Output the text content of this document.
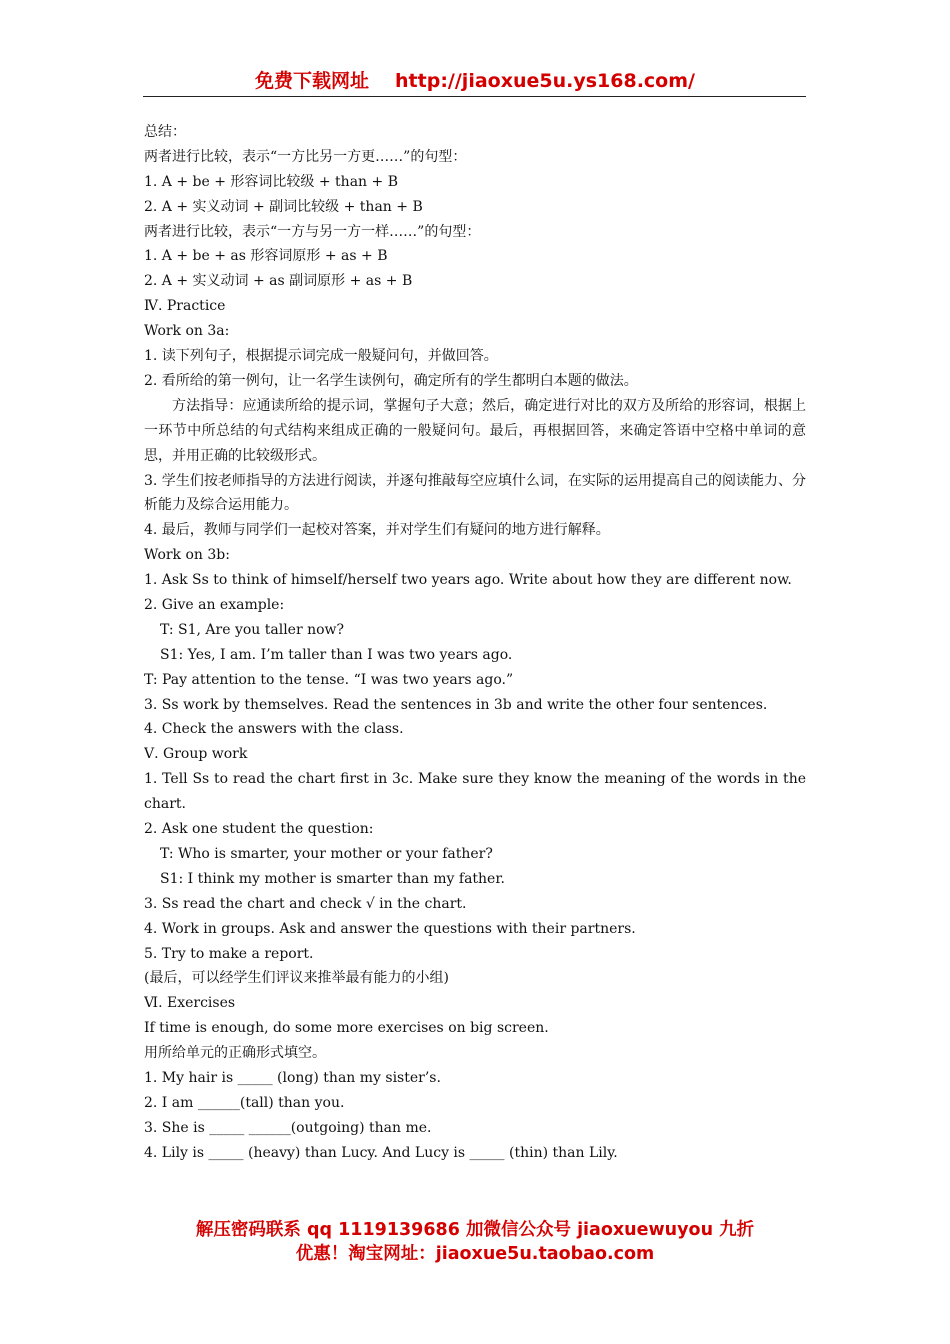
免费下载网址 http://jiaoxue5u.ys168.com/
总结：
两者进行比较，表示“一方比另一方更……”的句型：
1. A + be + 形容词比较级 + than + B
2. A + 实义动词 + 副词比较级 + than + B
两者进行比较，表示“一方与另一方一样……”的句型：
1. A + be + as 形容词原形 + as + B
2. A + 实义动词 + as 副词原形 + as + B
Ⅳ. Practice
Work on 3a:
1. 读下列句子，根据提示词完成一般疑问句，并做回答。
2. 看所给的第一例句，让一名学生读例句，确定所有的学生都明白本题的做法。
方法指导：应通读所给的提示词，掌握句子大意；然后，确定进行对比的双方及所给的形容词，根据上一环节中所总结的句式结构来组成正确的一般疑问句。最后，再根据回答，来确定答语中空格中单词的意思，并用正确的比较级形式。
3. 学生们按老师指导的方法进行阅读，并逐句推敲每空应填什么词，在实际的运用提高自己的阅读能力、分析能力及综合运用能力。
4. 最后，教师与同学们一起校对答案，并对学生们有疑问的地方进行解释。
Work on 3b:
1. Ask Ss to think of himself/herself two years ago. Write about how they are different now.
2. Give an example:
T: S1, Are you taller now?
S1: Yes, I am. I’m taller than I was two years ago.
T: Pay attention to the tense. “I was two years ago.”
3. Ss work by themselves. Read the sentences in 3b and write the other four sentences.
4. Check the answers with the class.
Ⅴ. Group work
1. Tell Ss to read the chart first in 3c. Make sure they know the meaning of the words in the chart.
2. Ask one student the question:
T: Who is smarter, your mother or your father?
S1: I think my mother is smarter than my father.
3. Ss read the chart and check √ in the chart.
4. Work in groups. Ask and answer the questions with their partners.
5. Try to make a report.
(最后，可以经学生们评议来推举最有能力的小组)
Ⅵ. Exercises
If time is enough, do some more exercises on big screen.
用所给单元的正确形式填空。
1. My hair is _____ (long) than my sister’s.
2. I am ______(tall) than you.
3. She is _____ ______(outgoing) than me.
4. Lily is _____ (heavy) than Lucy. And Lucy is _____ (thin) than Lily.
解压密码联系 qq 1119139686 加微信公众号 jiaoxuewuyou 九折
优惠！淘宝网址：jiaoxue5u.taobao.com
